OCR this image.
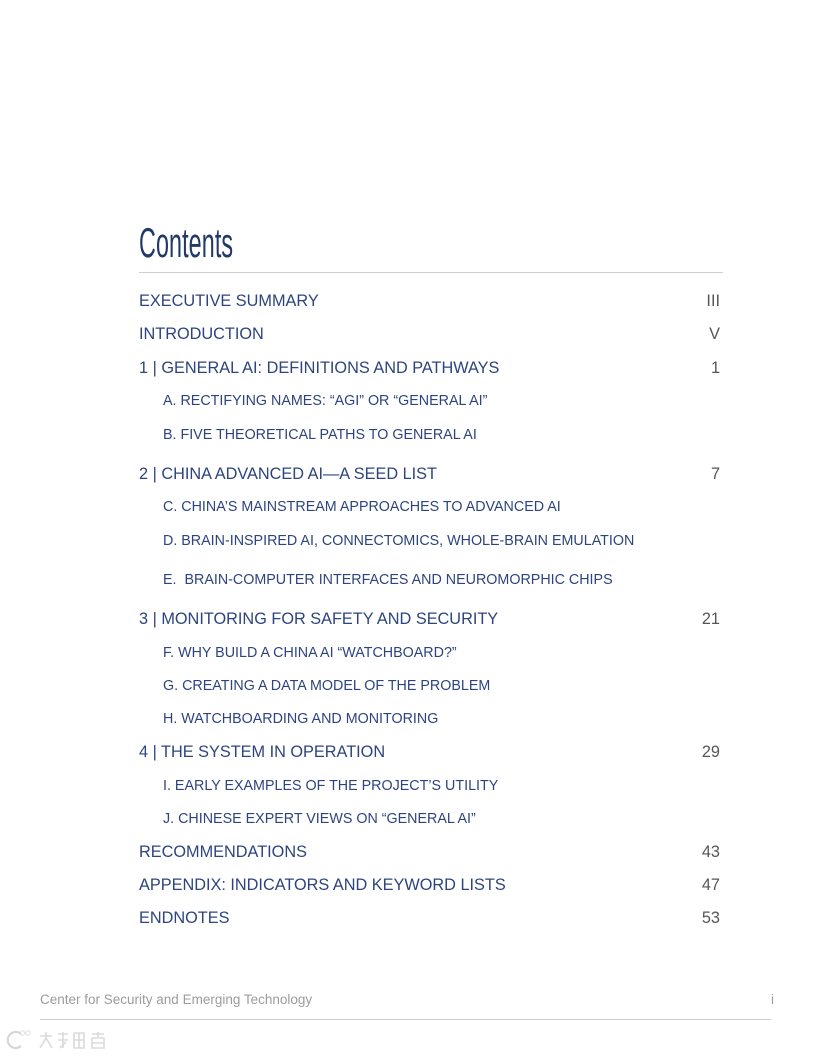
Contents
EXECUTIVE SUMMARY	III
INTRODUCTION	V
1 | GENERAL AI: DEFINITIONS AND PATHWAYS	1
A. RECTIFYING NAMES: “AGI” OR “GENERAL AI”
B. FIVE THEORETICAL PATHS TO GENERAL AI
2 | CHINA ADVANCED AI—A SEED LIST	7
C. CHINA’S MAINSTREAM APPROACHES TO ADVANCED AI
D. BRAIN-INSPIRED AI, CONNECTOMICS, WHOLE-BRAIN EMULATION
E.  BRAIN-COMPUTER INTERFACES AND NEUROMORPHIC CHIPS
3 | MONITORING FOR SAFETY AND SECURITY	21
F. WHY BUILD A CHINA AI “WATCHBOARD?”
G. CREATING A DATA MODEL OF THE PROBLEM
H. WATCHBOARDING AND MONITORING
4 | THE SYSTEM IN OPERATION	29
I. EARLY EXAMPLES OF THE PROJECT’S UTILITY
J. CHINESE EXPERT VIEWS ON “GENERAL AI”
RECOMMENDATIONS	43
APPENDIX: INDICATORS AND KEYWORD LISTS	47
ENDNOTES	53
Center for Security and Emerging Technology	i
